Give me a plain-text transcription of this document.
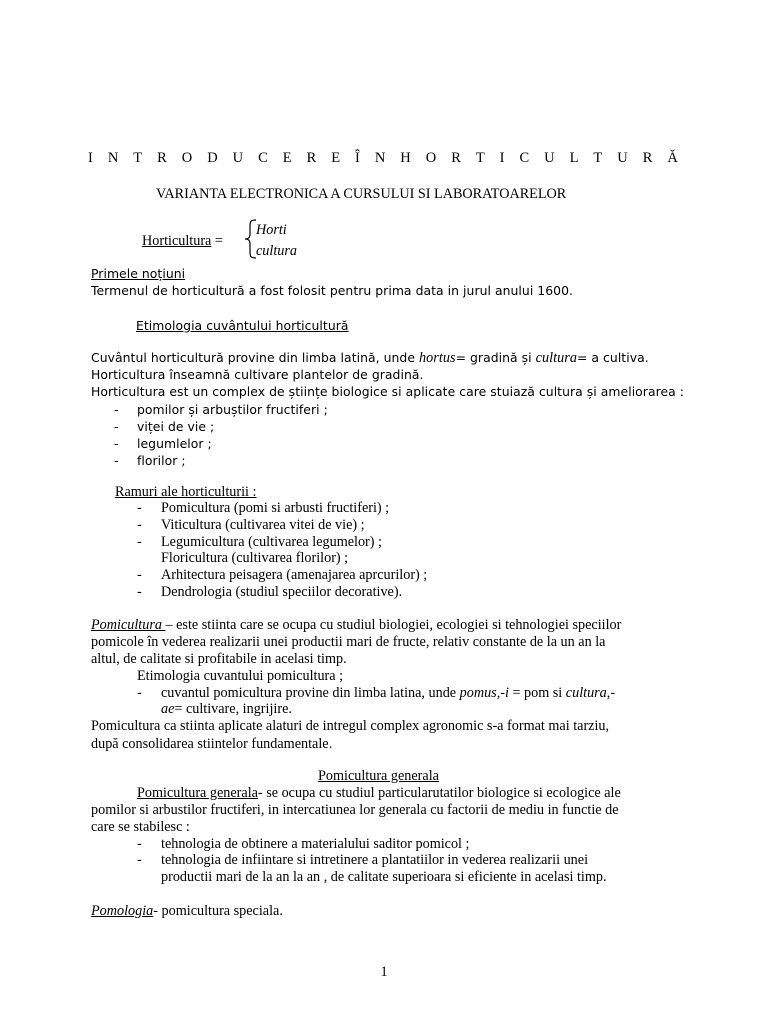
I N T R O D U C E R E Î N H O R T I C U L T U R Ă
VARIANTA ELECTRONICA A CURSULUI SI LABORATOARELOR
Horticultura =
Horti
cultura
Primele noțiuni
Termenul de horticultură a fost folosit pentru prima data in jurul anului 1600.
Etimologia cuvântului horticultură
Cuvântul horticultură provine din limba latină, unde hortus= gradină și cultura= a cultiva.
Horticultura înseamnă cultivare plantelor de gradină.
Horticultura est un complex de științe biologice si aplicate care stuiază cultura și ameliorarea :
- pomilor și arbuștilor fructiferi ;
- viței de vie ;
- legumlelor ;
- florilor ;
Ramuri ale horticulturii :
- Pomicultura (pomi si arbusti fructiferi) ;
- Viticultura (cultivarea vitei de vie) ;
- Legumicultura (cultivarea legumelor) ;
Floricultura (cultivarea florilor) ;
- Arhitectura peisagera (amenajarea aprcurilor) ;
- Dendrologia (studiul speciilor decorative).
Pomicultura – este stiinta care se ocupa cu studiul biologiei, ecologiei si tehnologiei speciilor
pomicole în vederea realizarii unei productii mari de fructe, relativ constante de la un an la
altul, de calitate si profitabile in acelasi timp.
Etimologia cuvantului pomicultura ;
- cuvantul pomicultura provine din limba latina, unde pomus,-i = pom si cultura,-
ae= cultivare, ingrijire.
Pomicultura ca stiinta aplicate alaturi de intregul complex agronomic s-a format mai tarziu,
după consolidarea stiintelor fundamentale.
Pomicultura generala
Pomicultura generala- se ocupa cu studiul particularutatilor biologice si ecologice ale
pomilor si arbustilor fructiferi, in intercatiunea lor generala cu factorii de mediu in functie de
care se stabilesc :
- tehnologia de obtinere a materialului saditor pomicol ;
- tehnologia de infiintare si intretinere a plantatiilor in vederea realizarii unei
productii mari de la an la an , de calitate superioara si eficiente in acelasi timp.
Pomologia- pomicultura speciala.
1
